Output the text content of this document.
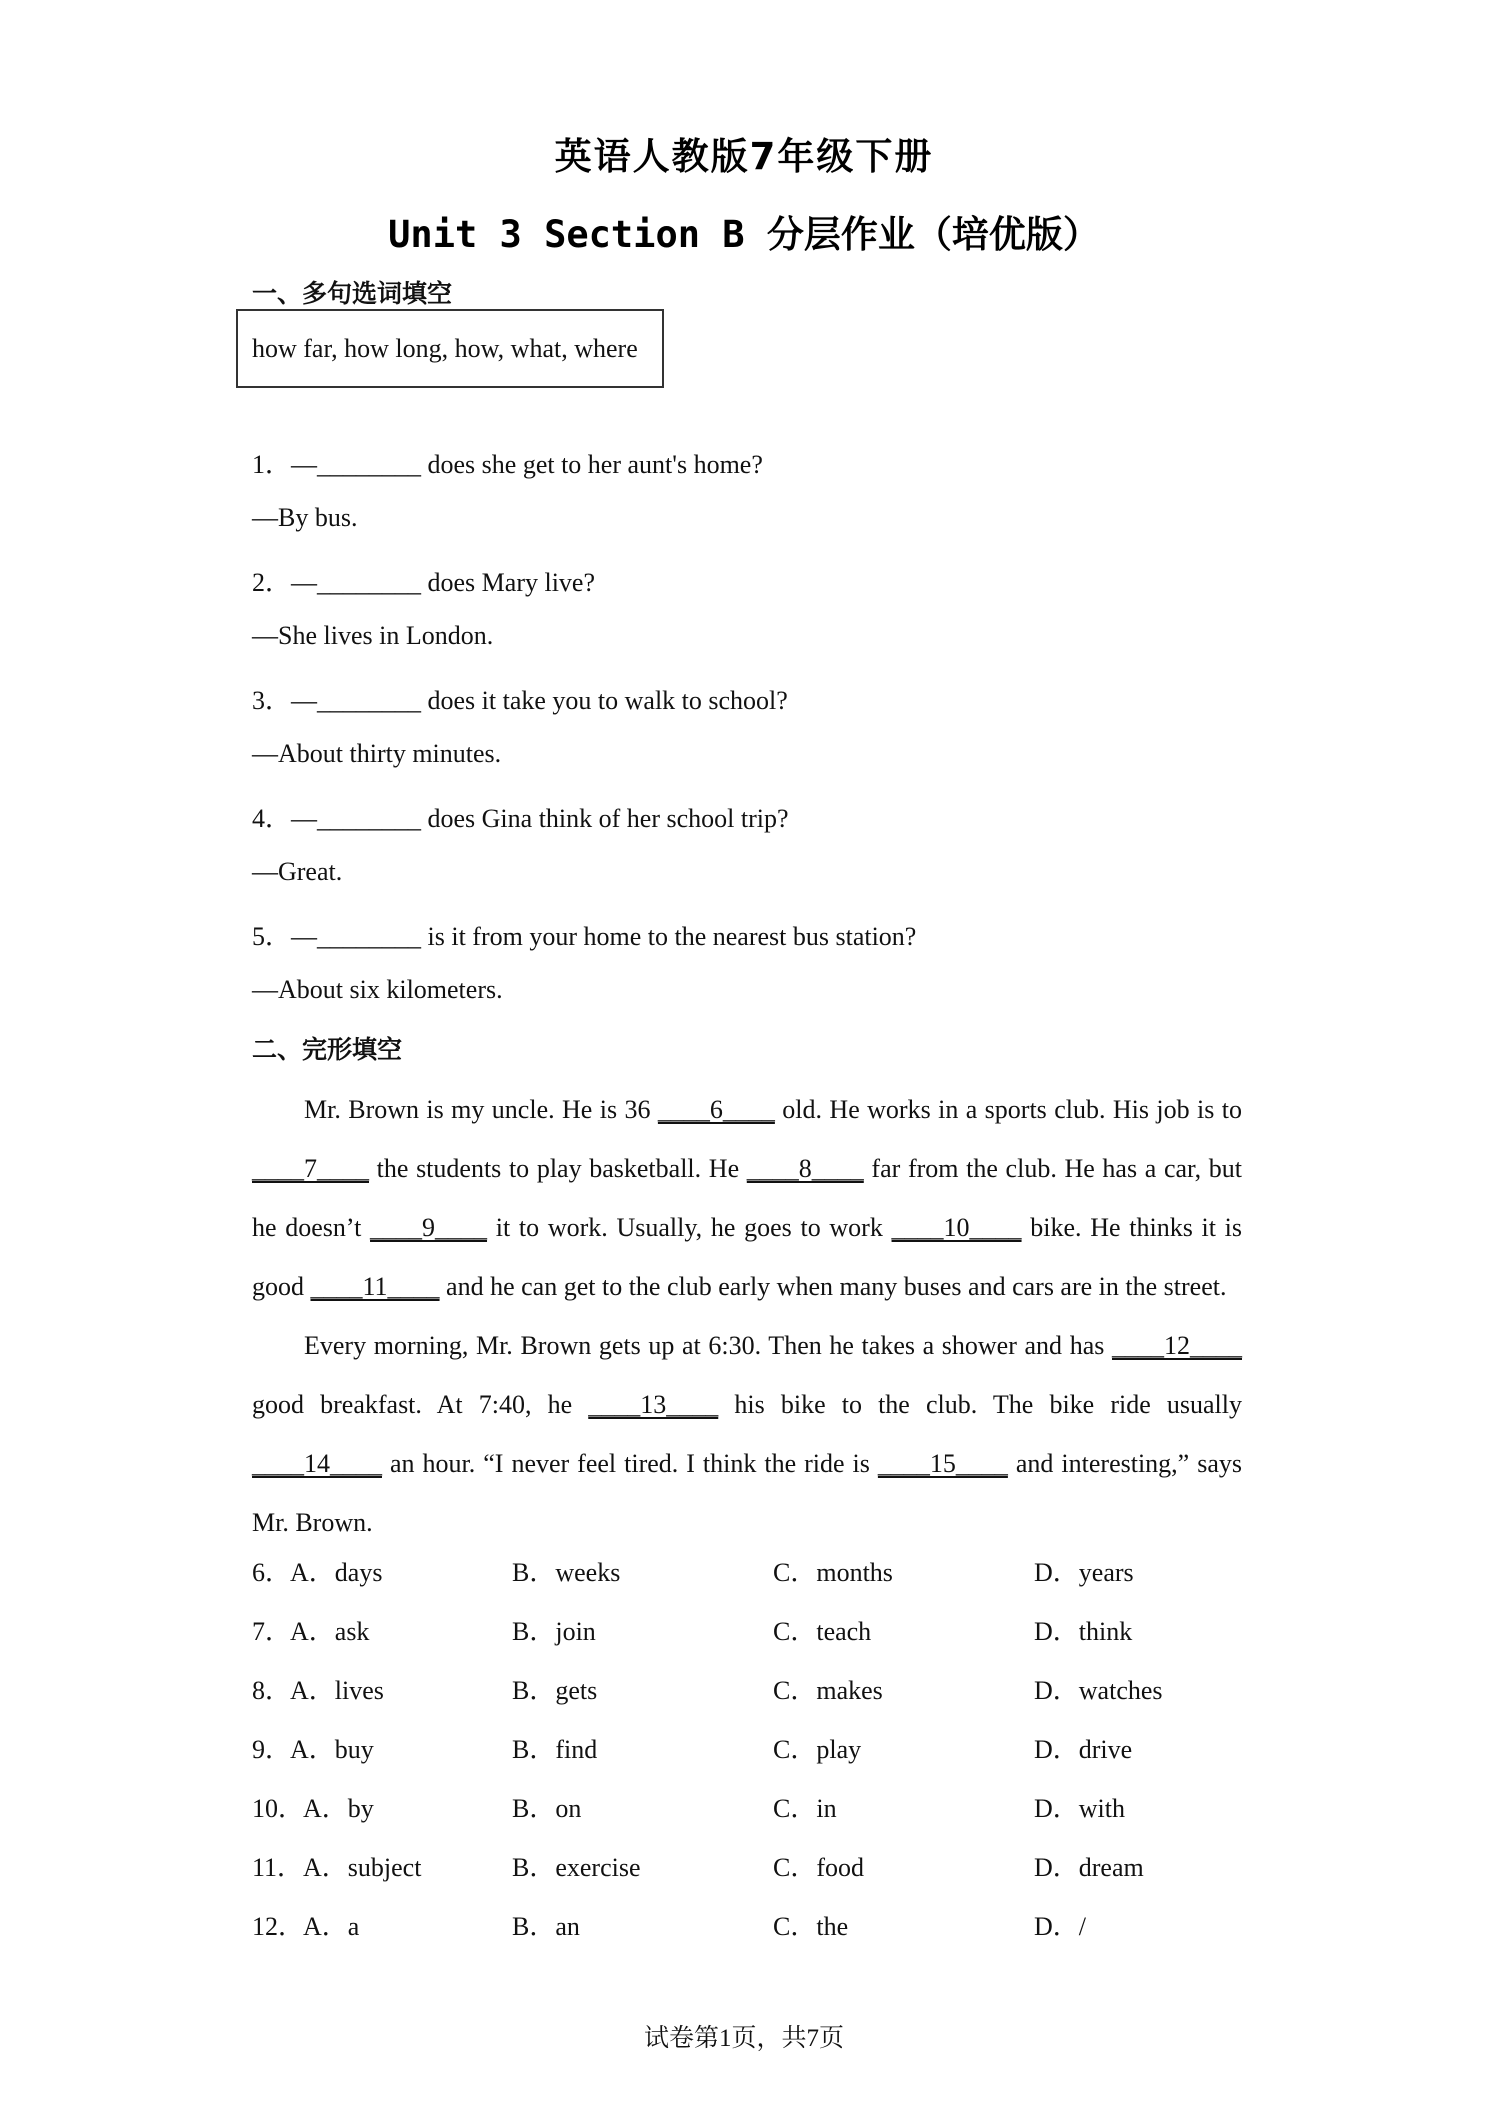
英语人教版7年级下册
Unit 3 Section B 分层作业（培优版）
一、多句选词填空
how far, how long, how, what, where
1．—________ does she get to her aunt's home?
—By bus.
2．—________ does Mary live?
—She lives in London.
3．—________ does it take you to walk to school?
—About thirty minutes.
4．—________ does Gina think of her school trip?
—Great.
5．—________ is it from your home to the nearest bus station?
—About six kilometers.
二、完形填空
Mr. Brown is my uncle. He is 36 ____6____ old. He works in a sports club. His job is to ____7____ the students to play basketball. He ____8____ far from the club. He has a car, but he doesn’t ____9____ it to work. Usually, he goes to work ____10____ bike. He thinks it is good ____11____ and he can get to the club early when many buses and cars are in the street.
Every morning, Mr. Brown gets up at 6:30. Then he takes a shower and has ____12____ good breakfast. At 7:40, he ____13____ his bike to the club. The bike ride usually ____14____ an hour. “I never feel tired. I think the ride is ____15____ and interesting,” says Mr. Brown.
6．
A．days	B．weeks	C．months	D．years
7．
A．ask	B．join	C．teach	D．think
8．
A．lives	B．gets	C．makes	D．watches
9．
A．buy	B．find	C．play	D．drive
10．
A．by	B．on	C．in	D．with
11． A．subject	B．exercise	C．food	D．dream
12．
A．a	B．an	C．the	D．/
试卷第1页，共7页
